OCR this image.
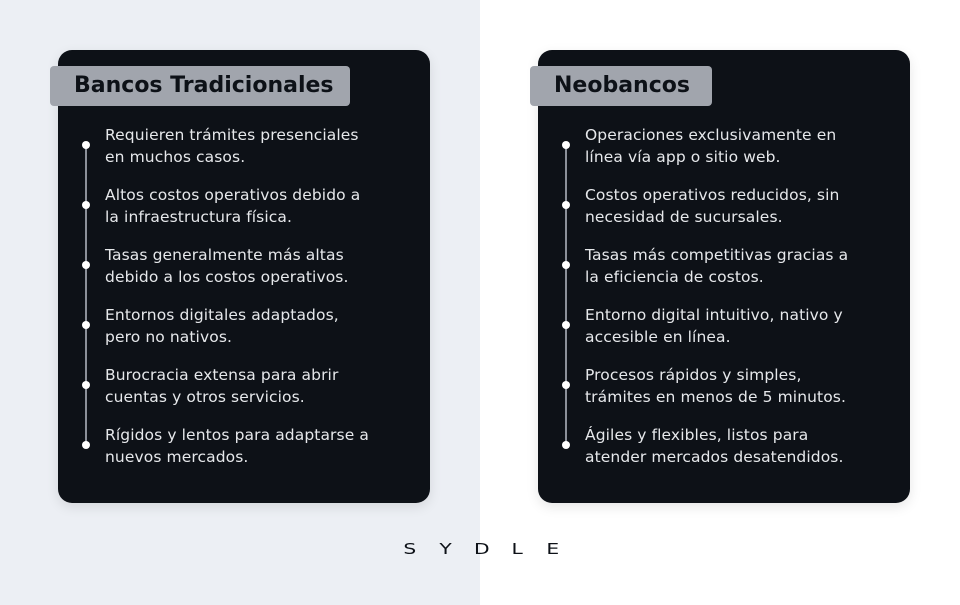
Bancos Tradicionales
Requieren trámites presenciales
en muchos casos.
Altos costos operativos debido a
la infraestructura física.
Tasas generalmente más altas
debido a los costos operativos.
Entornos digitales adaptados,
pero no nativos.
Burocracia extensa para abrir
cuentas y otros servicios.
Rígidos y lentos para adaptarse a
nuevos mercados.
Neobancos
Operaciones exclusivamente en
línea vía app o sitio web.
Costos operativos reducidos, sin
necesidad de sucursales.
Tasas más competitivas gracias a
la eficiencia de costos.
Entorno digital intuitivo, nativo y
accesible en línea.
Procesos rápidos y simples,
trámites en menos de 5 minutos.
Ágiles y flexibles, listos para
atender mercados desatendidos.
S Y D L E
